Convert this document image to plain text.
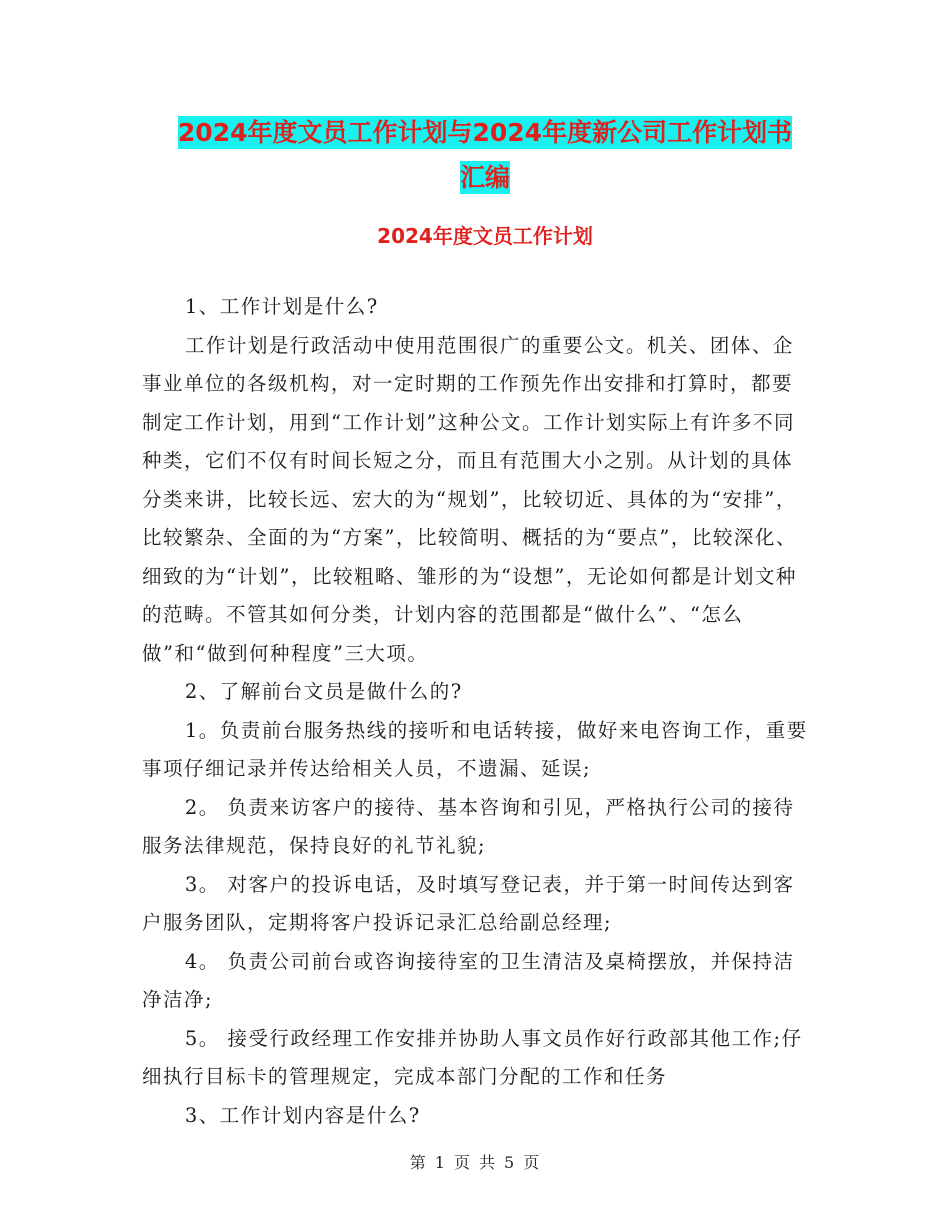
2024年度文员工作计划与2024年度新公司工作计划书
汇编
2024年度文员工作计划

1、工作计划是什么?

工作计划是行政活动中使用范围很广的重要公文。机关、团体、企事业单位的各级机构，对一定时期的工作预先作出安排和打算时，都要制定工作计划，用到“工作计划”这种公文。工作计划实际上有许多不同种类，它们不仅有时间长短之分，而且有范围大小之别。从计划的具体分类来讲，比较长远、宏大的为“规划”，比较切近、具体的为“安排”，比较繁杂、全面的为“方案”，比较简明、概括的为“要点”，比较深化、细致的为“计划”，比较粗略、雏形的为“设想”，无论如何都是计划文种的范畴。不管其如何分类，计划内容的范围都是“做什么”、“怎么做”和“做到何种程度”三大项。

2、了解前台文员是做什么的?

1。负责前台服务热线的接听和电话转接，做好来电咨询工作，重要事项仔细记录并传达给相关人员，不遗漏、延误;

2。 负责来访客户的接待、基本咨询和引见，严格执行公司的接待服务法律规范，保持良好的礼节礼貌;

3。 对客户的投诉电话，及时填写登记表，并于第一时间传达到客户服务团队，定期将客户投诉记录汇总给副总经理;

4。 负责公司前台或咨询接待室的卫生清洁及桌椅摆放，并保持洁净洁净;

5。 接受行政经理工作安排并协助人事文员作好行政部其他工作;仔细执行目标卡的管理规定，完成本部门分配的工作和任务

3、工作计划内容是什么?

第 1 页 共 5 页
